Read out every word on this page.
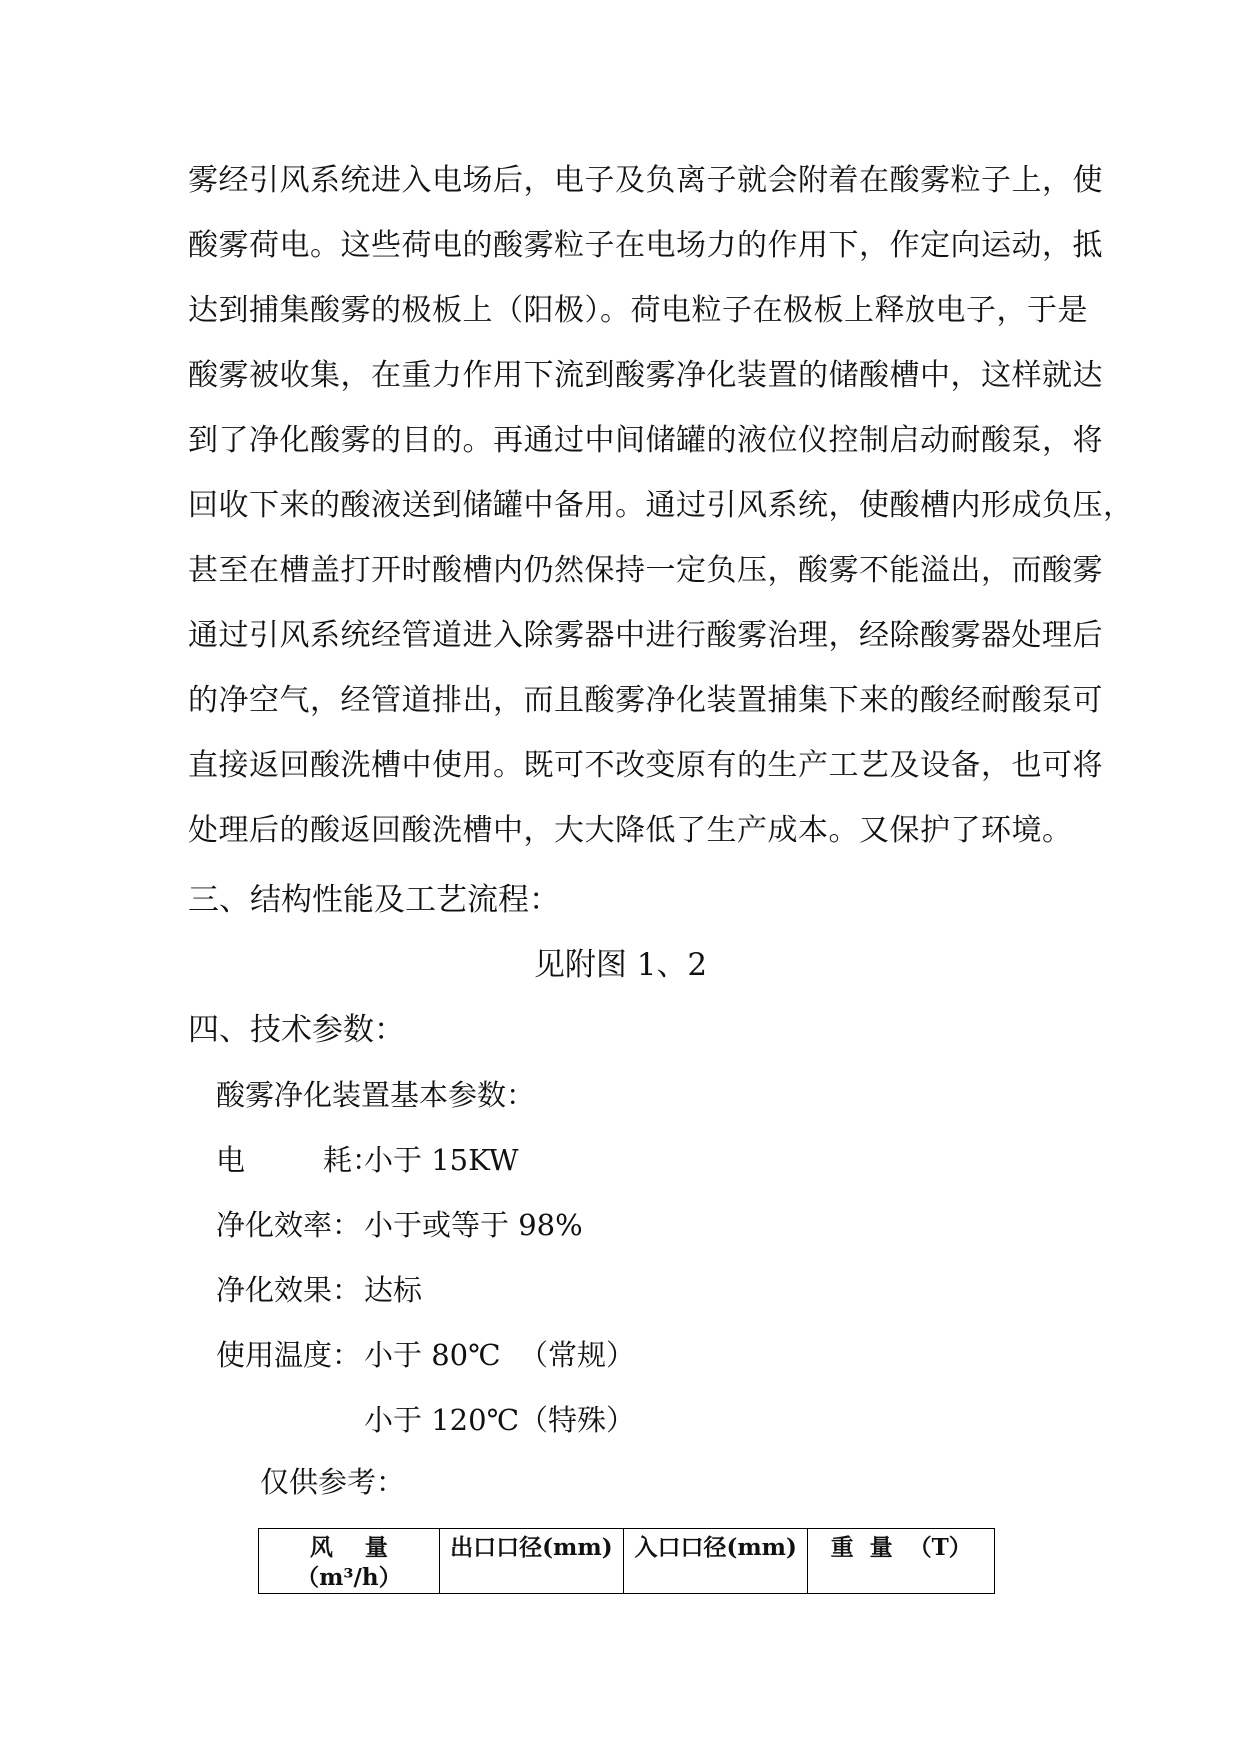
雾经引风系统进入电场后，电子及负离子就会附着在酸雾粒子上，使
酸雾荷电。这些荷电的酸雾粒子在电场力的作用下，作定向运动，抵
达到捕集酸雾的极板上（阳极）。荷电粒子在极板上释放电子，于是
酸雾被收集，在重力作用下流到酸雾净化装置的储酸槽中，这样就达
到了净化酸雾的目的。再通过中间储罐的液位仪控制启动耐酸泵，将
回收下来的酸液送到储罐中备用。通过引风系统，使酸槽内形成负压，
甚至在槽盖打开时酸槽内仍然保持一定负压，酸雾不能溢出，而酸雾
通过引风系统经管道进入除雾器中进行酸雾治理，经除酸雾器处理后
的净空气，经管道排出，而且酸雾净化装置捕集下来的酸经耐酸泵可
直接返回酸洗槽中使用。既可不改变原有的生产工艺及设备，也可将
处理后的酸返回酸洗槽中，大大降低了生产成本。又保护了环境。
三、结构性能及工艺流程：
见附图 1、2
四、技术参数：
酸雾净化装置基本参数：
电	耗：小于 15KW
净化效率： 小于或等于 98%
净化效果： 达标
使用温度： 小于 80℃  （常规）
小于 120℃（特殊）
仅供参考：
风    量
（m³/h）
	出口口径(mm)	入口口径(mm)	重  量  （T）
